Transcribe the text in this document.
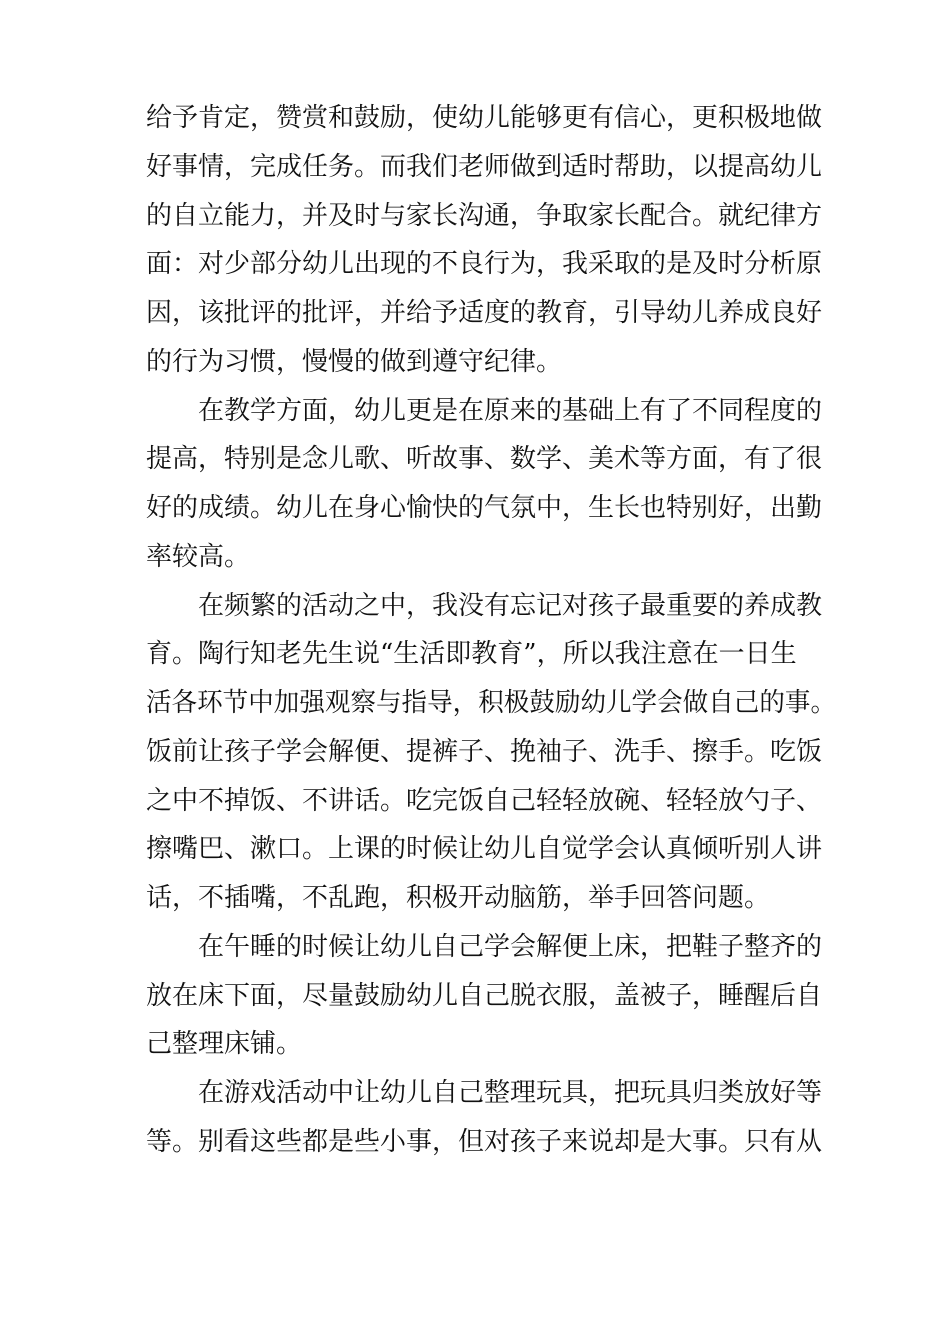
给予肯定，赞赏和鼓励，使幼儿能够更有信心，更积极地做
好事情，完成任务。而我们老师做到适时帮助，以提高幼儿
的自立能力，并及时与家长沟通，争取家长配合。就纪律方
面：对少部分幼儿出现的不良行为，我采取的是及时分析原
因，该批评的批评，并给予适度的教育，引导幼儿养成良好
的行为习惯，慢慢的做到遵守纪律。
在教学方面，幼儿更是在原来的基础上有了不同程度的
提高，特别是念儿歌、听故事、数学、美术等方面，有了很
好的成绩。幼儿在身心愉快的气氛中，生长也特别好，出勤
率较高。
在频繁的活动之中，我没有忘记对孩子最重要的养成教
育。陶行知老先生说“生活即教育”，所以我注意在一日生
活各环节中加强观察与指导，积极鼓励幼儿学会做自己的事。
饭前让孩子学会解便、提裤子、挽袖子、洗手、擦手。吃饭
之中不掉饭、不讲话。吃完饭自己轻轻放碗、轻轻放勺子、
擦嘴巴、漱口。上课的时候让幼儿自觉学会认真倾听别人讲
话，不插嘴，不乱跑，积极开动脑筋，举手回答问题。
在午睡的时候让幼儿自己学会解便上床，把鞋子整齐的
放在床下面，尽量鼓励幼儿自己脱衣服，盖被子，睡醒后自
己整理床铺。
在游戏活动中让幼儿自己整理玩具，把玩具归类放好等
等。别看这些都是些小事，但对孩子来说却是大事。只有从
